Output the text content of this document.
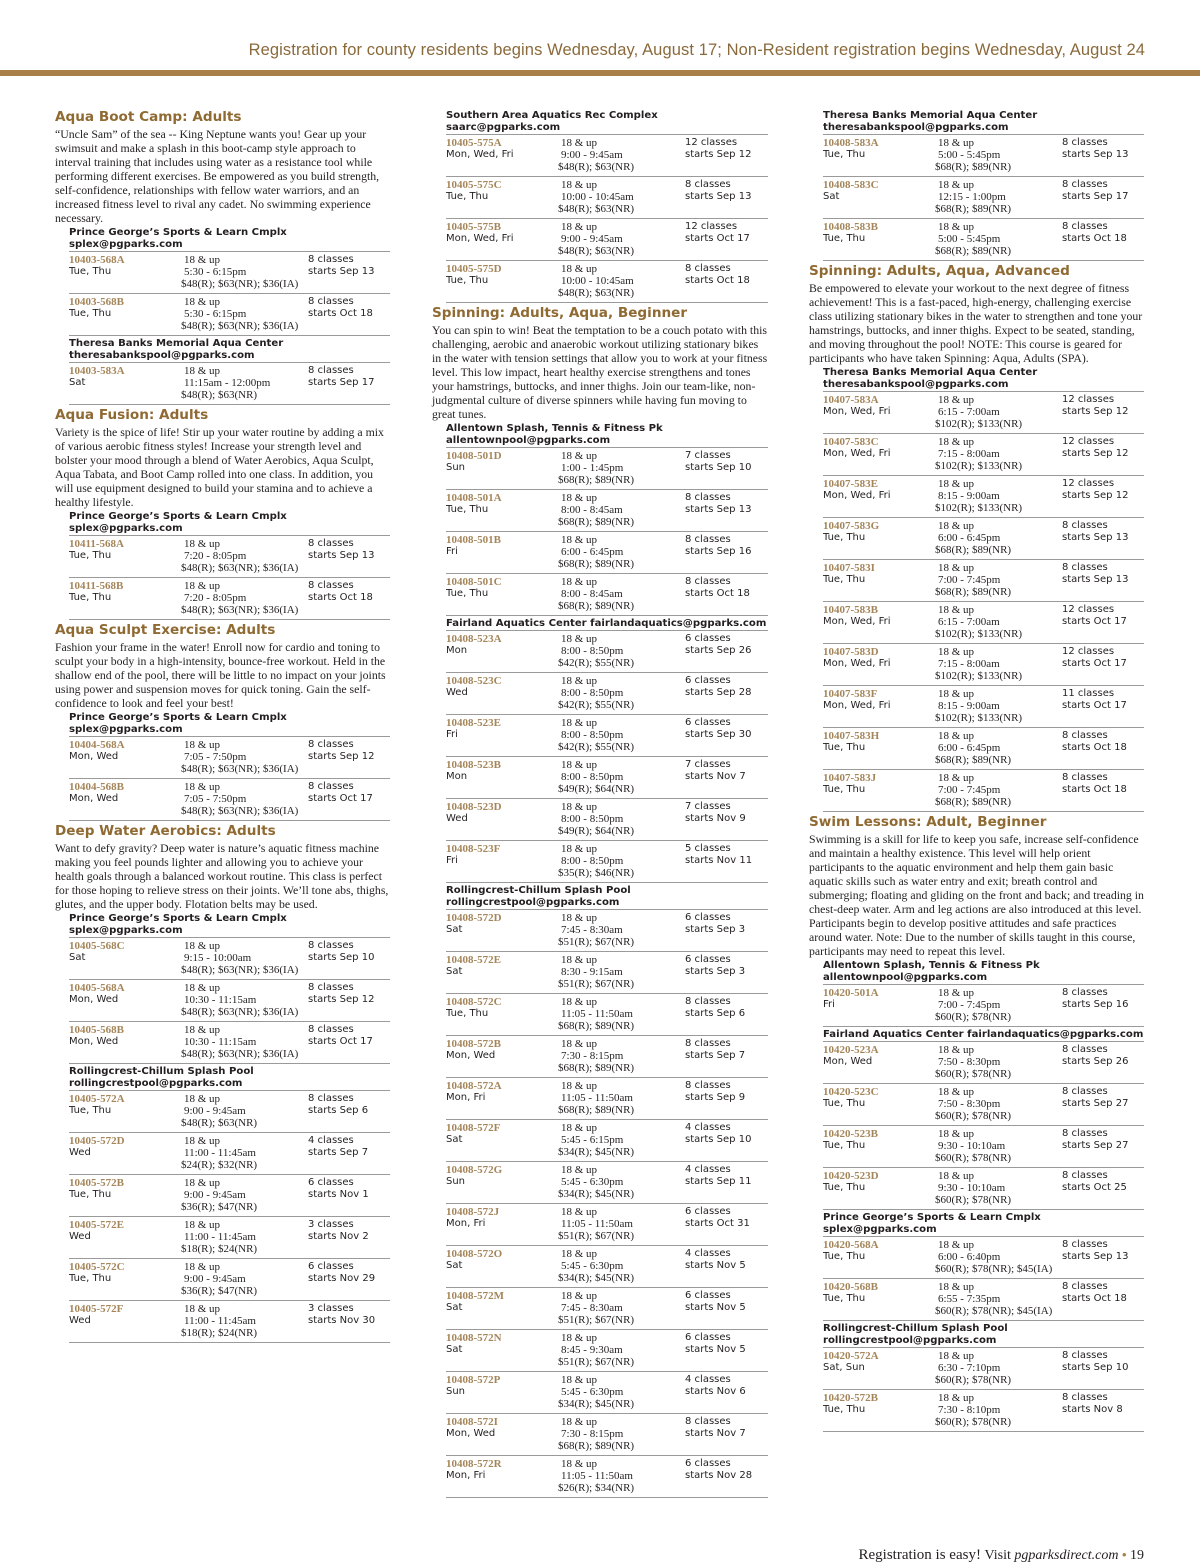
Registration for county residents begins Wednesday, August 17; Non-Resident registration begins Wednesday, August 24
Aqua Boot Camp: Adults

“Uncle Sam” of the sea -- King Neptune wants you! Gear up your swimsuit and make a splash in this boot-camp style approach to interval training that includes using water as a resistance tool while performing different exercises. Be empowered as you build strength, self-confidence, relationships with fellow water warriors, and an increased fitness level to rival any cadet. No swimming experience necessary.

Prince George’s Sports & Learn Cmplx
splex@pgparks.com
10403-568A
Tue, Thu
18 & up
5:30 - 6:15pm
$48(R); $63(NR); $36(IA)
8 classes
starts Sep 13
10403-568B
Tue, Thu
18 & up
5:30 - 6:15pm
$48(R); $63(NR); $36(IA)
8 classes
starts Oct 18
Theresa Banks Memorial Aqua Center
theresabankspool@pgparks.com
10403-583A
Sat
18 & up
11:15am - 12:00pm
$48(R); $63(NR)
8 classes
starts Sep 17
Aqua Fusion: Adults

Variety is the spice of life! Stir up your water routine by adding a mix of various aerobic fitness styles! Increase your strength level and bolster your mood through a blend of Water Aerobics, Aqua Sculpt, Aqua Tabata, and Boot Camp rolled into one class. In addition, you will use equipment designed to build your stamina and to achieve a healthy lifestyle.

Prince George’s Sports & Learn Cmplx
splex@pgparks.com
10411-568A
Tue, Thu
18 & up
7:20 - 8:05pm
$48(R); $63(NR); $36(IA)
8 classes
starts Sep 13
10411-568B
Tue, Thu
18 & up
7:20 - 8:05pm
$48(R); $63(NR); $36(IA)
8 classes
starts Oct 18
Aqua Sculpt Exercise: Adults

Fashion your frame in the water! Enroll now for cardio and toning to sculpt your body in a high-intensity, bounce-free workout. Held in the shallow end of the pool, there will be little to no impact on your joints using power and suspension moves for quick toning. Gain the self-confidence to look and feel your best!

Prince George’s Sports & Learn Cmplx
splex@pgparks.com
10404-568A
Mon, Wed
18 & up
7:05 - 7:50pm
$48(R); $63(NR); $36(IA)
8 classes
starts Sep 12
10404-568B
Mon, Wed
18 & up
7:05 - 7:50pm
$48(R); $63(NR); $36(IA)
8 classes
starts Oct 17
Deep Water Aerobics: Adults

Want to defy gravity? Deep water is nature’s aquatic fitness machine making you feel pounds lighter and allowing you to achieve your health goals through a balanced workout routine. This class is perfect for those hoping to relieve stress on their joints. We’ll tone abs, thighs, glutes, and the upper body. Flotation belts may be used.

Prince George’s Sports & Learn Cmplx
splex@pgparks.com
10405-568C
Sat
18 & up
9:15 - 10:00am
$48(R); $63(NR); $36(IA)
8 classes
starts Sep 10
10405-568A
Mon, Wed
18 & up
10:30 - 11:15am
$48(R); $63(NR); $36(IA)
8 classes
starts Sep 12
10405-568B
Mon, Wed
18 & up
10:30 - 11:15am
$48(R); $63(NR); $36(IA)
8 classes
starts Oct 17
Rollingcrest-Chillum Splash Pool
rollingcrestpool@pgparks.com
10405-572A
Tue, Thu
18 & up
9:00 - 9:45am
$48(R); $63(NR)
8 classes
starts Sep 6
10405-572D
Wed
18 & up
11:00 - 11:45am
$24(R); $32(NR)
4 classes
starts Sep 7
10405-572B
Tue, Thu
18 & up
9:00 - 9:45am
$36(R); $47(NR)
6 classes
starts Nov 1
10405-572E
Wed
18 & up
11:00 - 11:45am
$18(R); $24(NR)
3 classes
starts Nov 2
10405-572C
Tue, Thu
18 & up
9:00 - 9:45am
$36(R); $47(NR)
6 classes
starts Nov 29
10405-572F
Wed
18 & up
11:00 - 11:45am
$18(R); $24(NR)
3 classes
starts Nov 30
Southern Area Aquatics Rec Complex
saarc@pgparks.com
10405-575A
Mon, Wed, Fri
18 & up
9:00 - 9:45am
$48(R); $63(NR)
12 classes
starts Sep 12
10405-575C
Tue, Thu
18 & up
10:00 - 10:45am
$48(R); $63(NR)
8 classes
starts Sep 13
10405-575B
Mon, Wed, Fri
18 & up
9:00 - 9:45am
$48(R); $63(NR)
12 classes
starts Oct 17
10405-575D
Tue, Thu
18 & up
10:00 - 10:45am
$48(R); $63(NR)
8 classes
starts Oct 18
Spinning: Adults, Aqua, Beginner

You can spin to win! Beat the temptation to be a couch potato with this challenging, aerobic and anaerobic workout utilizing stationary bikes in the water with tension settings that allow you to work at your fitness level. This low impact, heart healthy exercise strengthens and tones your hamstrings, buttocks, and inner thighs. Join our team-like, non-judgmental culture of diverse spinners while having fun moving to great tunes.

Allentown Splash, Tennis & Fitness Pk
allentownpool@pgparks.com
10408-501D
Sun
18 & up
1:00 - 1:45pm
$68(R); $89(NR)
7 classes
starts Sep 10
10408-501A
Tue, Thu
18 & up
8:00 - 8:45am
$68(R); $89(NR)
8 classes
starts Sep 13
10408-501B
Fri
18 & up
6:00 - 6:45pm
$68(R); $89(NR)
8 classes
starts Sep 16
10408-501C
Tue, Thu
18 & up
8:00 - 8:45am
$68(R); $89(NR)
8 classes
starts Oct 18
Fairland Aquatics Center fairlandaquatics@pgparks.com
10408-523A
Mon
18 & up
8:00 - 8:50pm
$42(R); $55(NR)
6 classes
starts Sep 26
10408-523C
Wed
18 & up
8:00 - 8:50pm
$42(R); $55(NR)
6 classes
starts Sep 28
10408-523E
Fri
18 & up
8:00 - 8:50pm
$42(R); $55(NR)
6 classes
starts Sep 30
10408-523B
Mon
18 & up
8:00 - 8:50pm
$49(R); $64(NR)
7 classes
starts Nov 7
10408-523D
Wed
18 & up
8:00 - 8:50pm
$49(R); $64(NR)
7 classes
starts Nov 9
10408-523F
Fri
18 & up
8:00 - 8:50pm
$35(R); $46(NR)
5 classes
starts Nov 11
Rollingcrest-Chillum Splash Pool
rollingcrestpool@pgparks.com
10408-572D
Sat
18 & up
7:45 - 8:30am
$51(R); $67(NR)
6 classes
starts Sep 3
10408-572E
Sat
18 & up
8:30 - 9:15am
$51(R); $67(NR)
6 classes
starts Sep 3
10408-572C
Tue, Thu
18 & up
11:05 - 11:50am
$68(R); $89(NR)
8 classes
starts Sep 6
10408-572B
Mon, Wed
18 & up
7:30 - 8:15pm
$68(R); $89(NR)
8 classes
starts Sep 7
10408-572A
Mon, Fri
18 & up
11:05 - 11:50am
$68(R); $89(NR)
8 classes
starts Sep 9
10408-572F
Sat
18 & up
5:45 - 6:15pm
$34(R); $45(NR)
4 classes
starts Sep 10
10408-572G
Sun
18 & up
5:45 - 6:30pm
$34(R); $45(NR)
4 classes
starts Sep 11
10408-572J
Mon, Fri
18 & up
11:05 - 11:50am
$51(R); $67(NR)
6 classes
starts Oct 31
10408-572O
Sat
18 & up
5:45 - 6:30pm
$34(R); $45(NR)
4 classes
starts Nov 5
10408-572M
Sat
18 & up
7:45 - 8:30am
$51(R); $67(NR)
6 classes
starts Nov 5
10408-572N
Sat
18 & up
8:45 - 9:30am
$51(R); $67(NR)
6 classes
starts Nov 5
10408-572P
Sun
18 & up
5:45 - 6:30pm
$34(R); $45(NR)
4 classes
starts Nov 6
10408-572I
Mon, Wed
18 & up
7:30 - 8:15pm
$68(R); $89(NR)
8 classes
starts Nov 7
10408-572R
Mon, Fri
18 & up
11:05 - 11:50am
$26(R); $34(NR)
6 classes
starts Nov 28
Theresa Banks Memorial Aqua Center
theresabankspool@pgparks.com
10408-583A
Tue, Thu
18 & up
5:00 - 5:45pm
$68(R); $89(NR)
8 classes
starts Sep 13
10408-583C
Sat
18 & up
12:15 - 1:00pm
$68(R); $89(NR)
8 classes
starts Sep 17
10408-583B
Tue, Thu
18 & up
5:00 - 5:45pm
$68(R); $89(NR)
8 classes
starts Oct 18
Spinning: Adults, Aqua, Advanced

Be empowered to elevate your workout to the next degree of fitness achievement! This is a fast-paced, high-energy, challenging exercise class utilizing stationary bikes in the water to strengthen and tone your hamstrings, buttocks, and inner thighs. Expect to be seated, standing, and moving throughout the pool! NOTE: This course is geared for participants who have taken Spinning: Aqua, Adults (SPA).

Theresa Banks Memorial Aqua Center
theresabankspool@pgparks.com
10407-583A
Mon, Wed, Fri
18 & up
6:15 - 7:00am
$102(R); $133(NR)
12 classes
starts Sep 12
10407-583C
Mon, Wed, Fri
18 & up
7:15 - 8:00am
$102(R); $133(NR)
12 classes
starts Sep 12
10407-583E
Mon, Wed, Fri
18 & up
8:15 - 9:00am
$102(R); $133(NR)
12 classes
starts Sep 12
10407-583G
Tue, Thu
18 & up
6:00 - 6:45pm
$68(R); $89(NR)
8 classes
starts Sep 13
10407-583I
Tue, Thu
18 & up
7:00 - 7:45pm
$68(R); $89(NR)
8 classes
starts Sep 13
10407-583B
Mon, Wed, Fri
18 & up
6:15 - 7:00am
$102(R); $133(NR)
12 classes
starts Oct 17
10407-583D
Mon, Wed, Fri
18 & up
7:15 - 8:00am
$102(R); $133(NR)
12 classes
starts Oct 17
10407-583F
Mon, Wed, Fri
18 & up
8:15 - 9:00am
$102(R); $133(NR)
11 classes
starts Oct 17
10407-583H
Tue, Thu
18 & up
6:00 - 6:45pm
$68(R); $89(NR)
8 classes
starts Oct 18
10407-583J
Tue, Thu
18 & up
7:00 - 7:45pm
$68(R); $89(NR)
8 classes
starts Oct 18
Swim Lessons: Adult, Beginner

Swimming is a skill for life to keep you safe, increase self-confidence and maintain a healthy existence. This level will help orient participants to the aquatic environment and help them gain basic aquatic skills such as water entry and exit; breath control and submerging; floating and gliding on the front and back; and treading in chest-deep water. Arm and leg actions are also introduced at this level. Participants begin to develop positive attitudes and safe practices around water. Note: Due to the number of skills taught in this course, participants may need to repeat this level.

Allentown Splash, Tennis & Fitness Pk
allentownpool@pgparks.com
10420-501A
Fri
18 & up
7:00 - 7:45pm
$60(R); $78(NR)
8 classes
starts Sep 16
Fairland Aquatics Center fairlandaquatics@pgparks.com
10420-523A
Mon, Wed
18 & up
7:50 - 8:30pm
$60(R); $78(NR)
8 classes
starts Sep 26
10420-523C
Tue, Thu
18 & up
7:50 - 8:30pm
$60(R); $78(NR)
8 classes
starts Sep 27
10420-523B
Tue, Thu
18 & up
9:30 - 10:10am
$60(R); $78(NR)
8 classes
starts Sep 27
10420-523D
Tue, Thu
18 & up
9:30 - 10:10am
$60(R); $78(NR)
8 classes
starts Oct 25
Prince George’s Sports & Learn Cmplx
splex@pgparks.com
10420-568A
Tue, Thu
18 & up
6:00 - 6:40pm
$60(R); $78(NR); $45(IA)
8 classes
starts Sep 13
10420-568B
Tue, Thu
18 & up
6:55 - 7:35pm
$60(R); $78(NR); $45(IA)
8 classes
starts Oct 18
Rollingcrest-Chillum Splash Pool
rollingcrestpool@pgparks.com
10420-572A
Sat, Sun
18 & up
6:30 - 7:10pm
$60(R); $78(NR)
8 classes
starts Sep 10
10420-572B
Tue, Thu
18 & up
7:30 - 8:10pm
$60(R); $78(NR)
8 classes
starts Nov 8
Registration is easy! Visit pgparksdirect.com • 19
